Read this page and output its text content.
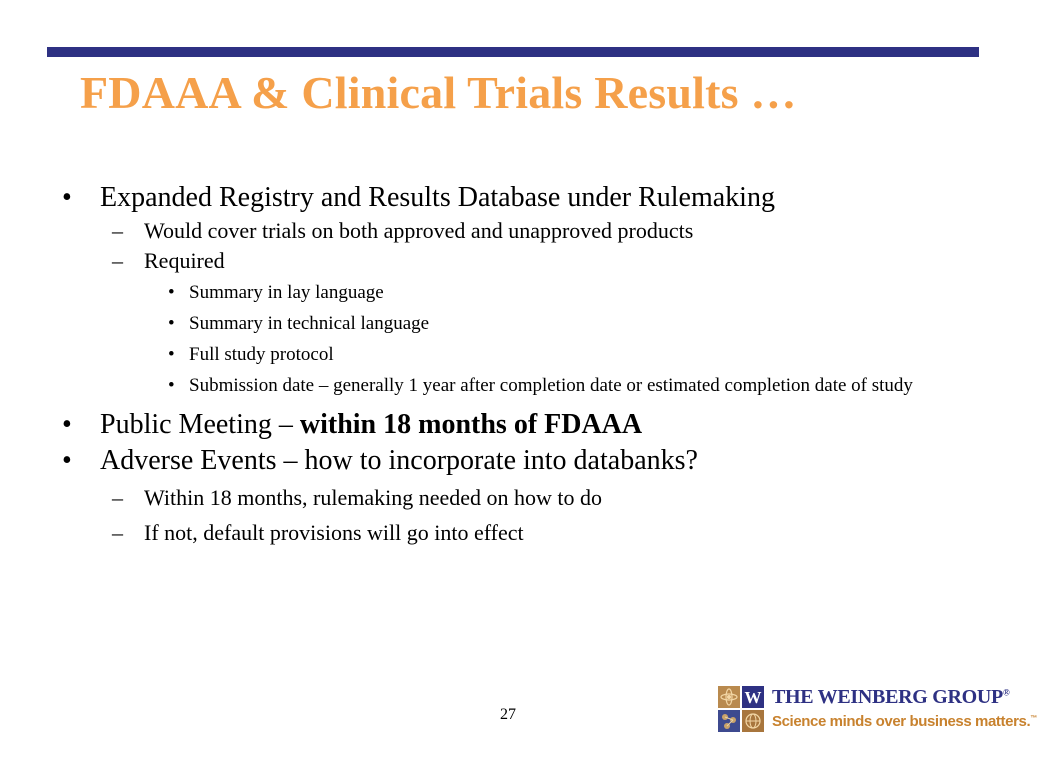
FDAAA & Clinical Trials Results …

• Expanded Registry and Results Database under Rulemaking

– Would cover trials on both approved and unapproved products

– Required

• Summary in lay language

• Summary in technical language

• Full study protocol

• Submission date – generally 1 year after completion date or estimated completion date of study

• Public Meeting – within 18 months of FDAAA

• Adverse Events – how to incorporate into databanks?

– Within 18 months, rulemaking needed on how to do

– If not, default provisions will go into effect

27
W THE WEINBERG GROUP®
Science minds over business matters.™
